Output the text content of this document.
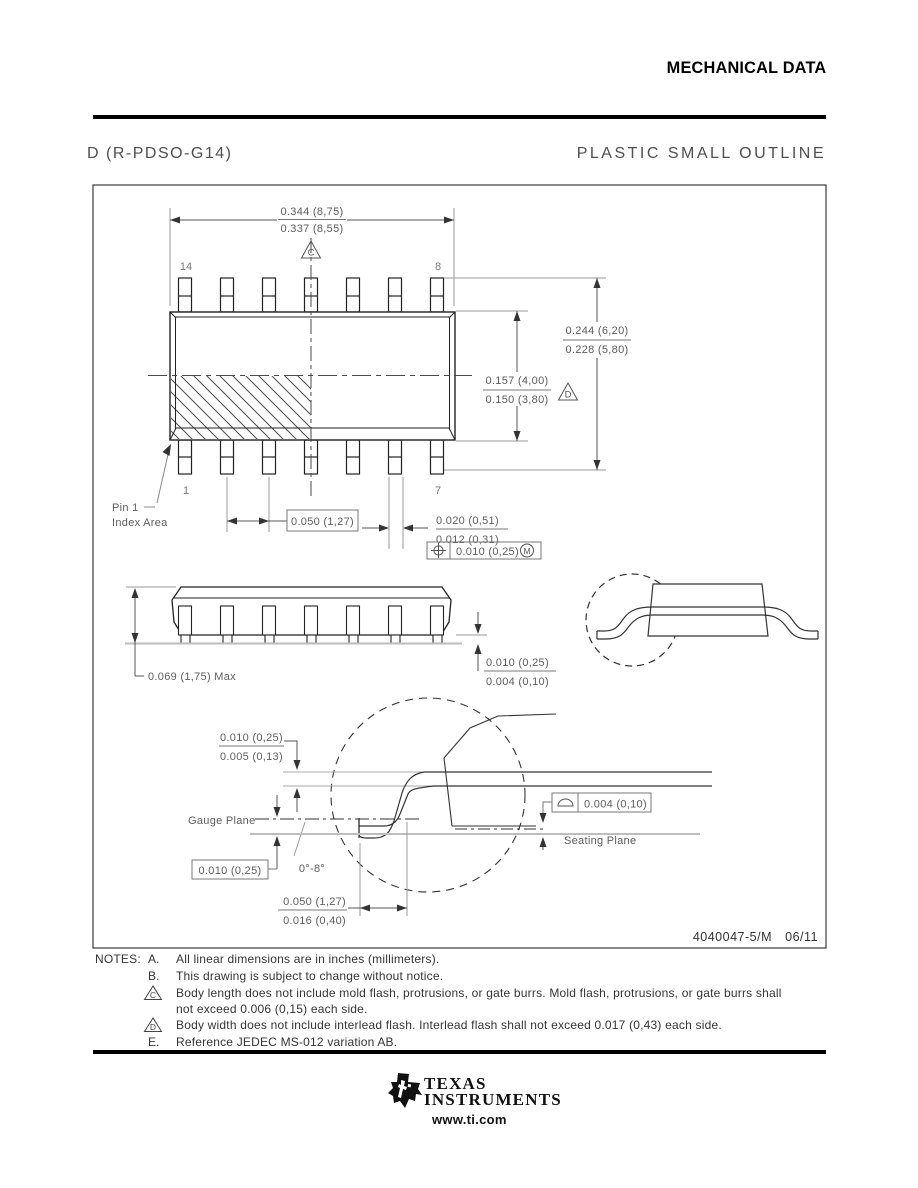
MECHANICAL DATA
D (R-PDSO-G14)	PLASTIC SMALL OUTLINE
4040047-5/M 06/11
0.344 (8,75)
0.337 (8,55)
C
14	8
1	7
0.244 (6,20)
0.228 (5,80)
0.157 (4,00)
0.150 (3,80) D
Pin 1
Index Area	0.050 (1,27)	0.020 (0,51)
0.012 (0,31)
0.010 (0,25) M
0.069 (1,75) Max
0.010 (0,25)
0.004 (0,10)
0.010 (0,25)
0.005 (0,13)
Gauge Plane
0.010 (0,25)	0°-8°
0.050 (1,27)
0.016 (0,40)
0.004 (0,10)
Seating Plane
NOTES: A. All linear dimensions are in inches (millimeters).
B. This drawing is subject to change without notice.
C Body length does not include mold flash, protrusions, or gate burrs. Mold flash, protrusions, or gate burrs shall
not exceed 0.006 (0,15) each side.
D Body width does not include interlead flash. Interlead flash shall not exceed 0.017 (0,43) each side.
E. Reference JEDEC MS-012 variation AB.
TEXAS
INSTRUMENTS
www.ti.com
